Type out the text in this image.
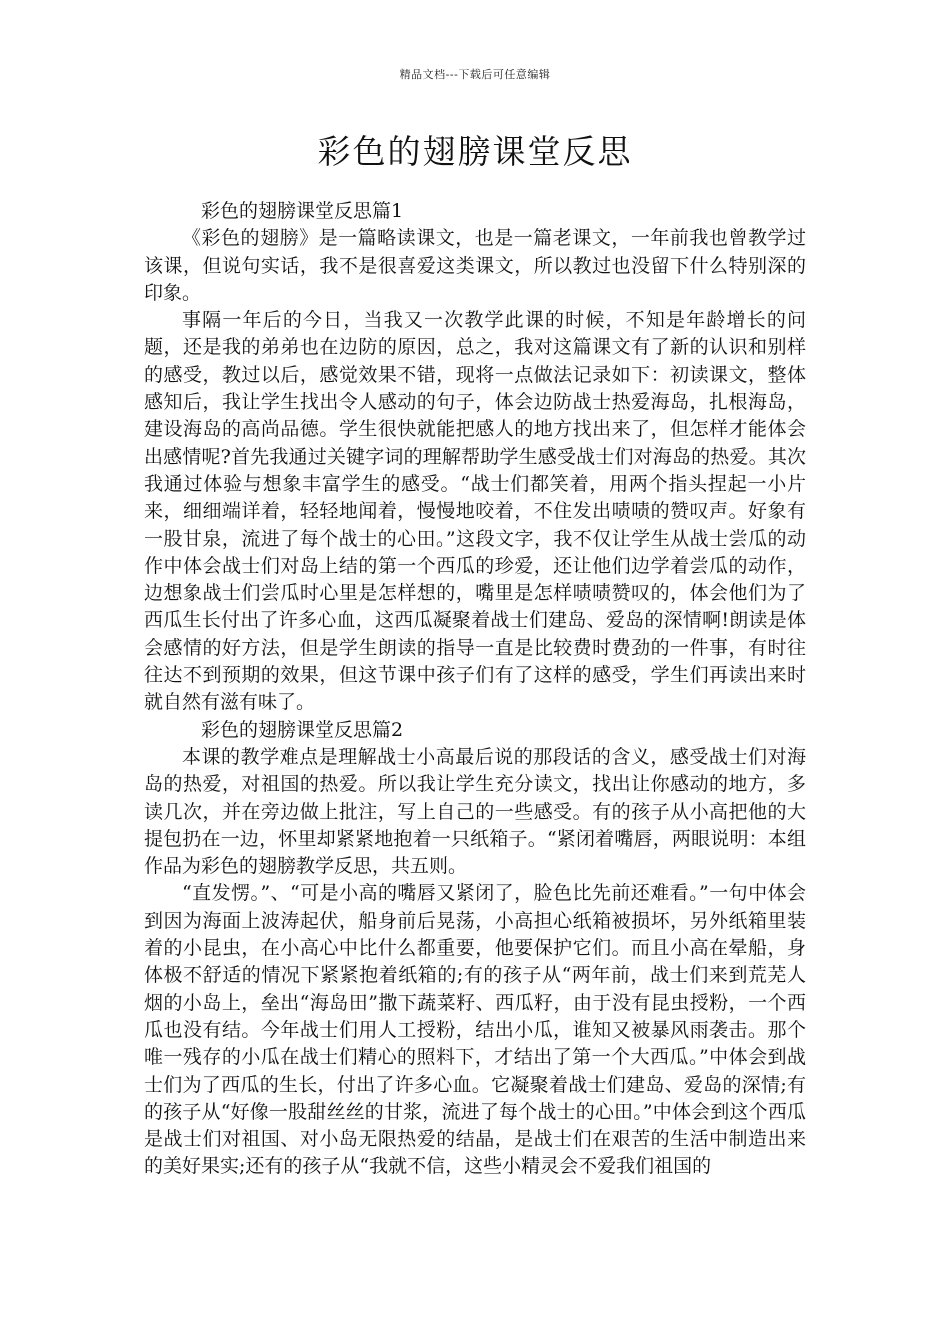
精品文档---下载后可任意编辑
彩色的翅膀课堂反思

彩色的翅膀课堂反思篇1

《彩色的翅膀》是一篇略读课文，也是一篇老课文，一年前我也曾教学过该课，但说句实话，我不是很喜爱这类课文，所以教过也没留下什么特别深的印象。

事隔一年后的今日，当我又一次教学此课的时候，不知是年龄增长的问题，还是我的弟弟也在边防的原因，总之，我对这篇课文有了新的认识和别样的感受，教过以后，感觉效果不错，现将一点做法记录如下：初读课文，整体感知后，我让学生找出令人感动的句子，体会边防战士热爱海岛，扎根海岛，建设海岛的高尚品德。学生很快就能把感人的地方找出来了，但怎样才能体会出感情呢?首先我通过关键字词的理解帮助学生感受战士们对海岛的热爱。其次我通过体验与想象丰富学生的感受。“战士们都笑着，用两个指头捏起一小片来，细细端详着，轻轻地闻着，慢慢地咬着，不住发出啧啧的赞叹声。好象有一股甘泉，流进了每个战士的心田。”这段文字，我不仅让学生从战士尝瓜的动作中体会战士们对岛上结的第一个西瓜的珍爱，还让他们边学着尝瓜的动作，边想象战士们尝瓜时心里是怎样想的，嘴里是怎样啧啧赞叹的，体会他们为了西瓜生长付出了许多心血，这西瓜凝聚着战士们建岛、爱岛的深情啊!朗读是体会感情的好方法，但是学生朗读的指导一直是比较费时费劲的一件事，有时往往达不到预期的效果，但这节课中孩子们有了这样的感受，学生们再读出来时就自然有滋有味了。

彩色的翅膀课堂反思篇2

本课的教学难点是理解战士小高最后说的那段话的含义，感受战士们对海岛的热爱，对祖国的热爱。所以我让学生充分读文，找出让你感动的地方，多读几次，并在旁边做上批注，写上自己的一些感受。有的孩子从小高把他的大提包扔在一边，怀里却紧紧地抱着一只纸箱子。“紧闭着嘴唇，两眼说明：本组作品为彩色的翅膀教学反思，共五则。

“直发愣。”、“可是小高的嘴唇又紧闭了，脸色比先前还难看。”一句中体会到因为海面上波涛起伏，船身前后晃荡，小高担心纸箱被损坏，另外纸箱里装着的小昆虫，在小高心中比什么都重要，他要保护它们。而且小高在晕船，身体极不舒适的情况下紧紧抱着纸箱的;有的孩子从“两年前，战士们来到荒芜人烟的小岛上，垒出“海岛田”撒下蔬菜籽、西瓜籽，由于没有昆虫授粉，一个西瓜也没有结。今年战士们用人工授粉，结出小瓜，谁知又被暴风雨袭击。那个唯一残存的小瓜在战士们精心的照料下，才结出了第一个大西瓜。”中体会到战士们为了西瓜的生长，付出了许多心血。它凝聚着战士们建岛、爱岛的深情;有的孩子从“好像一股甜丝丝的甘浆，流进了每个战士的心田。”中体会到这个西瓜是战士们对祖国、对小岛无限热爱的结晶，是战士们在艰苦的生活中制造出来的美好果实;还有的孩子从“我就不信，这些小精灵会不爱我们祖国的
